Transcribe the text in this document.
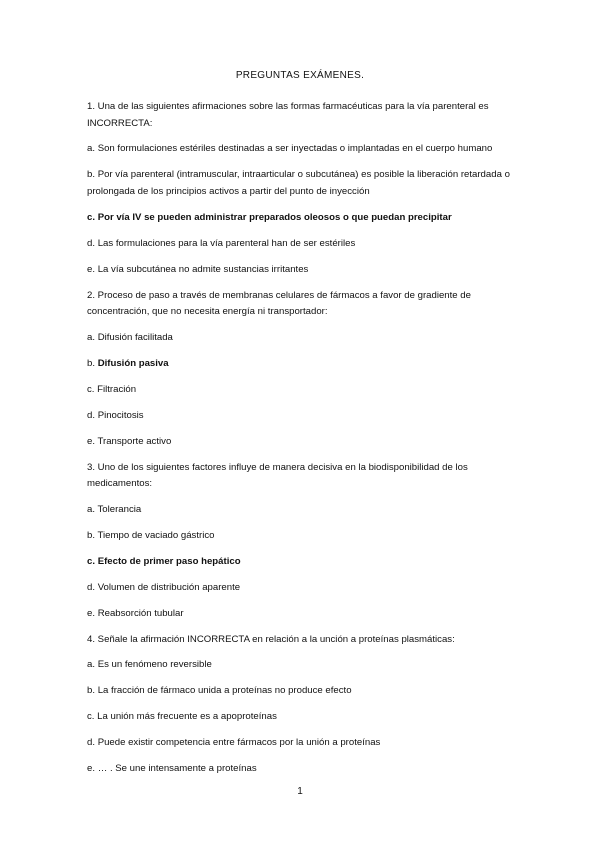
PREGUNTAS EXÁMENES.
1. Una de las siguientes afirmaciones sobre las formas farmacéuticas para la vía parenteral es INCORRECTA:
a. Son formulaciones estériles destinadas a ser inyectadas o implantadas en el cuerpo humano
b. Por vía parenteral (intramuscular, intraarticular o subcutánea) es posible la liberación retardada o prolongada de los principios activos a partir del punto de inyección
c. Por vía IV se pueden administrar preparados oleosos o que puedan precipitar
d. Las formulaciones para la vía parenteral han de ser estériles
e. La vía subcutánea no admite sustancias irritantes
2. Proceso de paso a través de membranas celulares de fármacos a favor de gradiente de concentración, que no necesita energía ni transportador:
a. Difusión facilitada
b. Difusión pasiva
c. Filtración
d. Pinocitosis
e. Transporte activo
3. Uno de los siguientes factores influye de manera decisiva en la biodisponibilidad de los medicamentos:
a. Tolerancia
b. Tiempo de vaciado gástrico
c. Efecto de primer paso hepático
d. Volumen de distribución aparente
e. Reabsorción tubular
4. Señale la afirmación INCORRECTA en relación a la unción a proteínas plasmáticas:
a. Es un fenómeno reversible
b. La fracción de fármaco unida a proteínas no produce efecto
c. La unión más frecuente es a apoproteínas
d. Puede existir competencia entre fármacos por la unión a proteínas
e. … . Se une intensamente a proteínas
1
